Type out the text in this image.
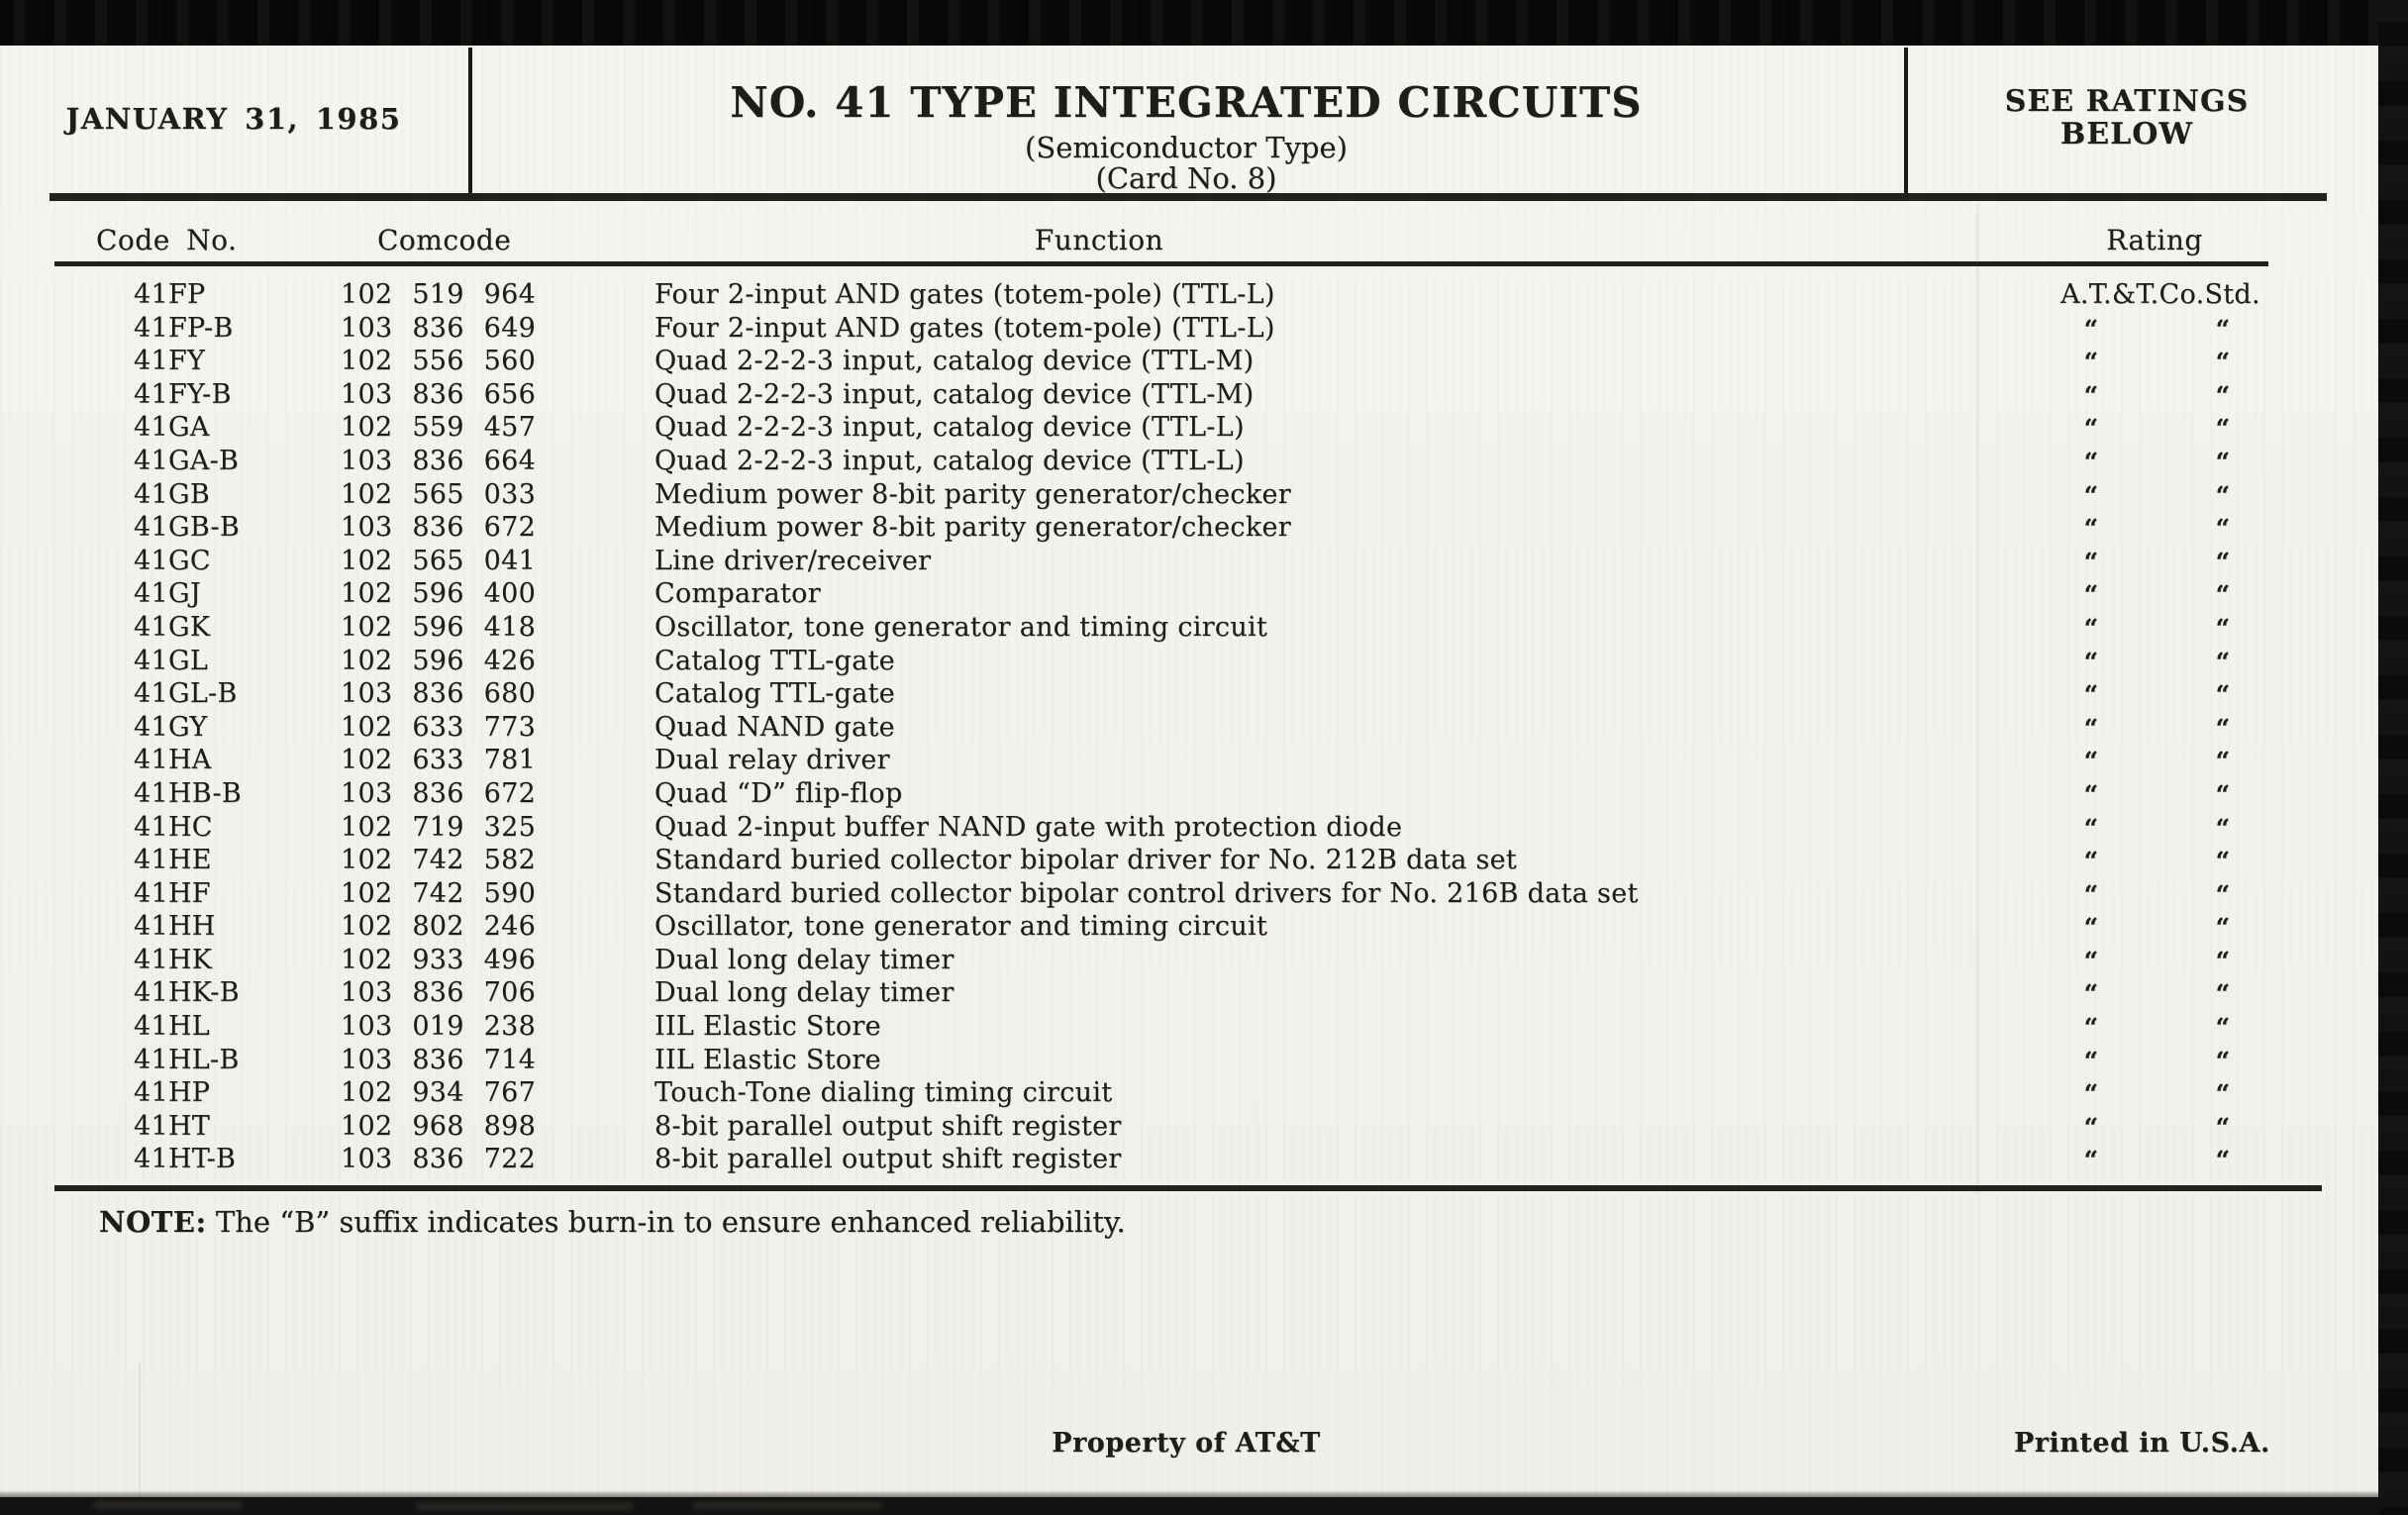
JANUARY 31, 1985	NO. 41 TYPE INTEGRATED CIRCUITS
(Semiconductor Type)
(Card No. 8)
SEE RATINGS
BELOW
Code No.	Comcode	Function	Rating
41FP	102 519 964	Four 2-input AND gates (totem-pole) (TTL-L)	A.T.&T.Co.Std.
41FP-B	103 836 649	Four 2-input AND gates (totem-pole) (TTL-L)	“	“
41FY	102 556 560	Quad 2-2-2-3 input, catalog device (TTL-M)	“	“
41FY-B	103 836 656	Quad 2-2-2-3 input, catalog device (TTL-M)	“	“
41GA	102 559 457	Quad 2-2-2-3 input, catalog device (TTL-L)	“	“
41GA-B	103 836 664	Quad 2-2-2-3 input, catalog device (TTL-L)	“	“
41GB	102 565 033	Medium power 8-bit parity generator/checker	“	“
41GB-B	103 836 672	Medium power 8-bit parity generator/checker	“	“
41GC	102 565 041	Line driver/receiver	“	“
41GJ	102 596 400	Comparator	“	“
41GK	102 596 418	Oscillator, tone generator and timing circuit	“	“
41GL	102 596 426	Catalog TTL-gate	“	“
41GL-B	103 836 680	Catalog TTL-gate	“	“
41GY	102 633 773	Quad NAND gate	“	“
41HA	102 633 781	Dual relay driver	“	“
41HB-B	103 836 672	Quad “D” flip-flop	“	“
41HC	102 719 325	Quad 2-input buffer NAND gate with protection diode	“	“
41HE	102 742 582	Standard buried collector bipolar driver for No. 212B data set	“	“
41HF	102 742 590	Standard buried collector bipolar control drivers for No. 216B data set	“	“
41HH	102 802 246	Oscillator, tone generator and timing circuit	“	“
41HK	102 933 496	Dual long delay timer	“	“
41HK-B	103 836 706	Dual long delay timer	“	“
41HL	103 019 238	IIL Elastic Store	“	“
41HL-B	103 836 714	IIL Elastic Store	“	“
41HP	102 934 767	Touch-Tone dialing timing circuit	“	“
41HT	102 968 898	8-bit parallel output shift register	“	“
41HT-B	103 836 722	8-bit parallel output shift register	“	“
NOTE: The “B” suffix indicates burn-in to ensure enhanced reliability.
Property of AT&T	Printed in U.S.A.
